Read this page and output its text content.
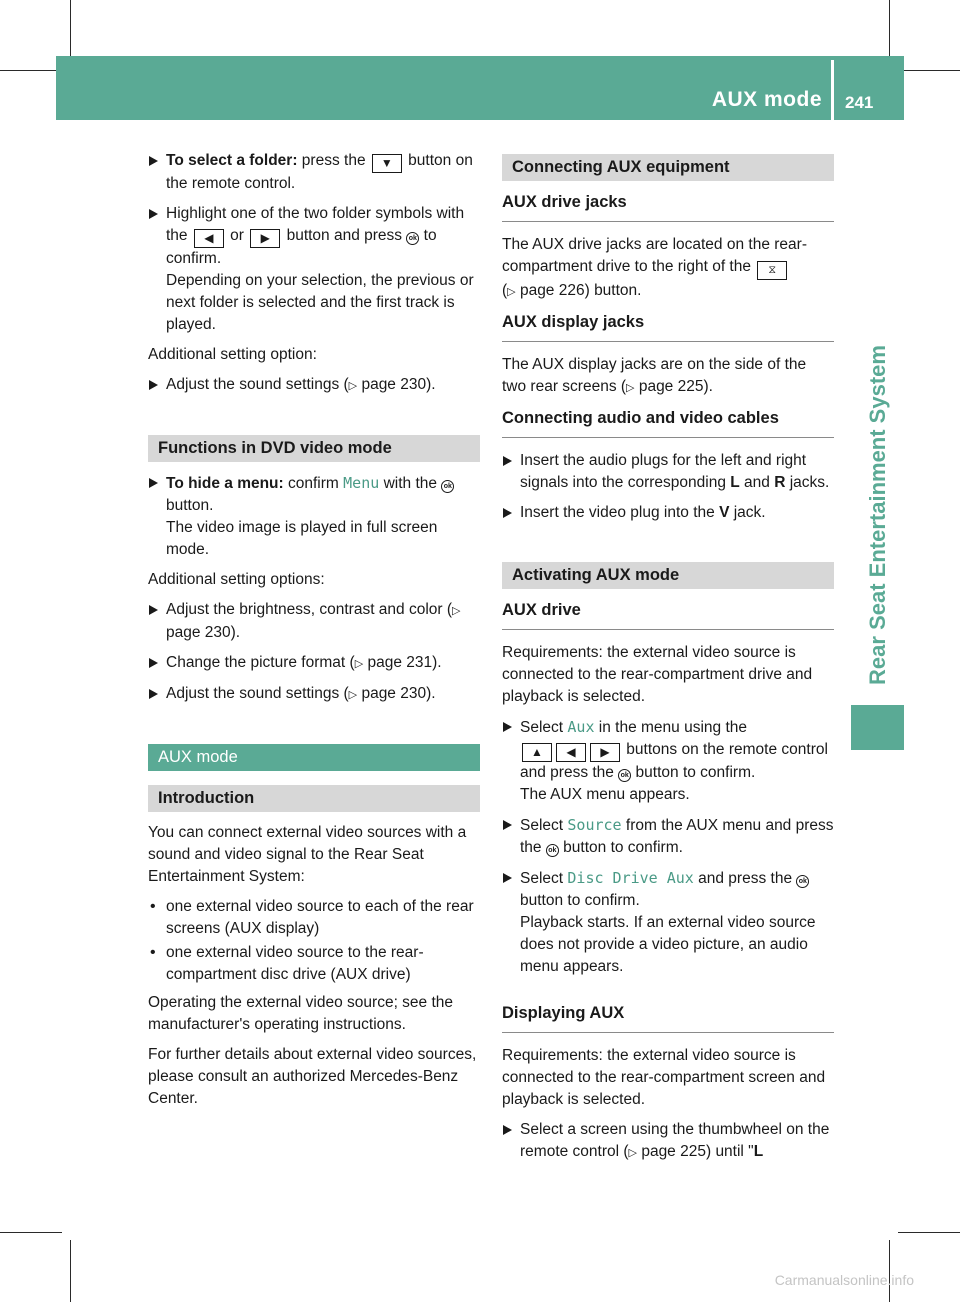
AUX mode 241
Rear Seat Entertainment System
To select a folder: press the ▼ button on the remote control.
Highlight one of the two folder symbols with the ◀ or ▶ button and press ok to confirm.
Depending on your selection, the previous or next folder is selected and the first track is played.

Additional setting option:

Adjust the sound settings (▷ page 230).
Functions in DVD video mode
To hide a menu: confirm Menu with the ok button.
The video image is played in full screen mode.

Additional setting options:

Adjust the brightness, contrast and color (▷ page 230).
Change the picture format (▷ page 231).
Adjust the sound settings (▷ page 230).
AUX mode
Introduction

You can connect external video sources with a sound and video signal to the Rear Seat Entertainment System:

• one external video source to each of the rear screens (AUX display)
• one external video source to the rear-compartment disc drive (AUX drive)

Operating the external video source; see the manufacturer's operating instructions.

For further details about external video sources, please consult an authorized Mercedes-Benz Center.

Connecting AUX equipment
AUX drive jacks

The AUX drive jacks are located on the rear-compartment drive to the right of the ⧖
(▷ page 226) button.

AUX display jacks

The AUX display jacks are on the side of the two rear screens (▷ page 225).

Connecting audio and video cables
Insert the audio plugs for the left and right signals into the corresponding L and R jacks.
Insert the video plug into the V jack.
Activating AUX mode
AUX drive

Requirements: the external video source is connected to the rear-compartment drive and playback is selected.

Select Aux in the menu using the
▲ ◀ ▶ buttons on the remote control and press the ok button to confirm.
The AUX menu appears.
Select Source from the AUX menu and press the ok button to confirm.
Select Disc Drive Aux and press the ok button to confirm.
Playback starts. If an external video source does not provide a video picture, an audio menu appears.
Displaying AUX

Requirements: the external video source is connected to the rear-compartment screen and playback is selected.

Select a screen using the thumbwheel on the remote control (▷ page 225) until "L
Carmanualsonline.info
